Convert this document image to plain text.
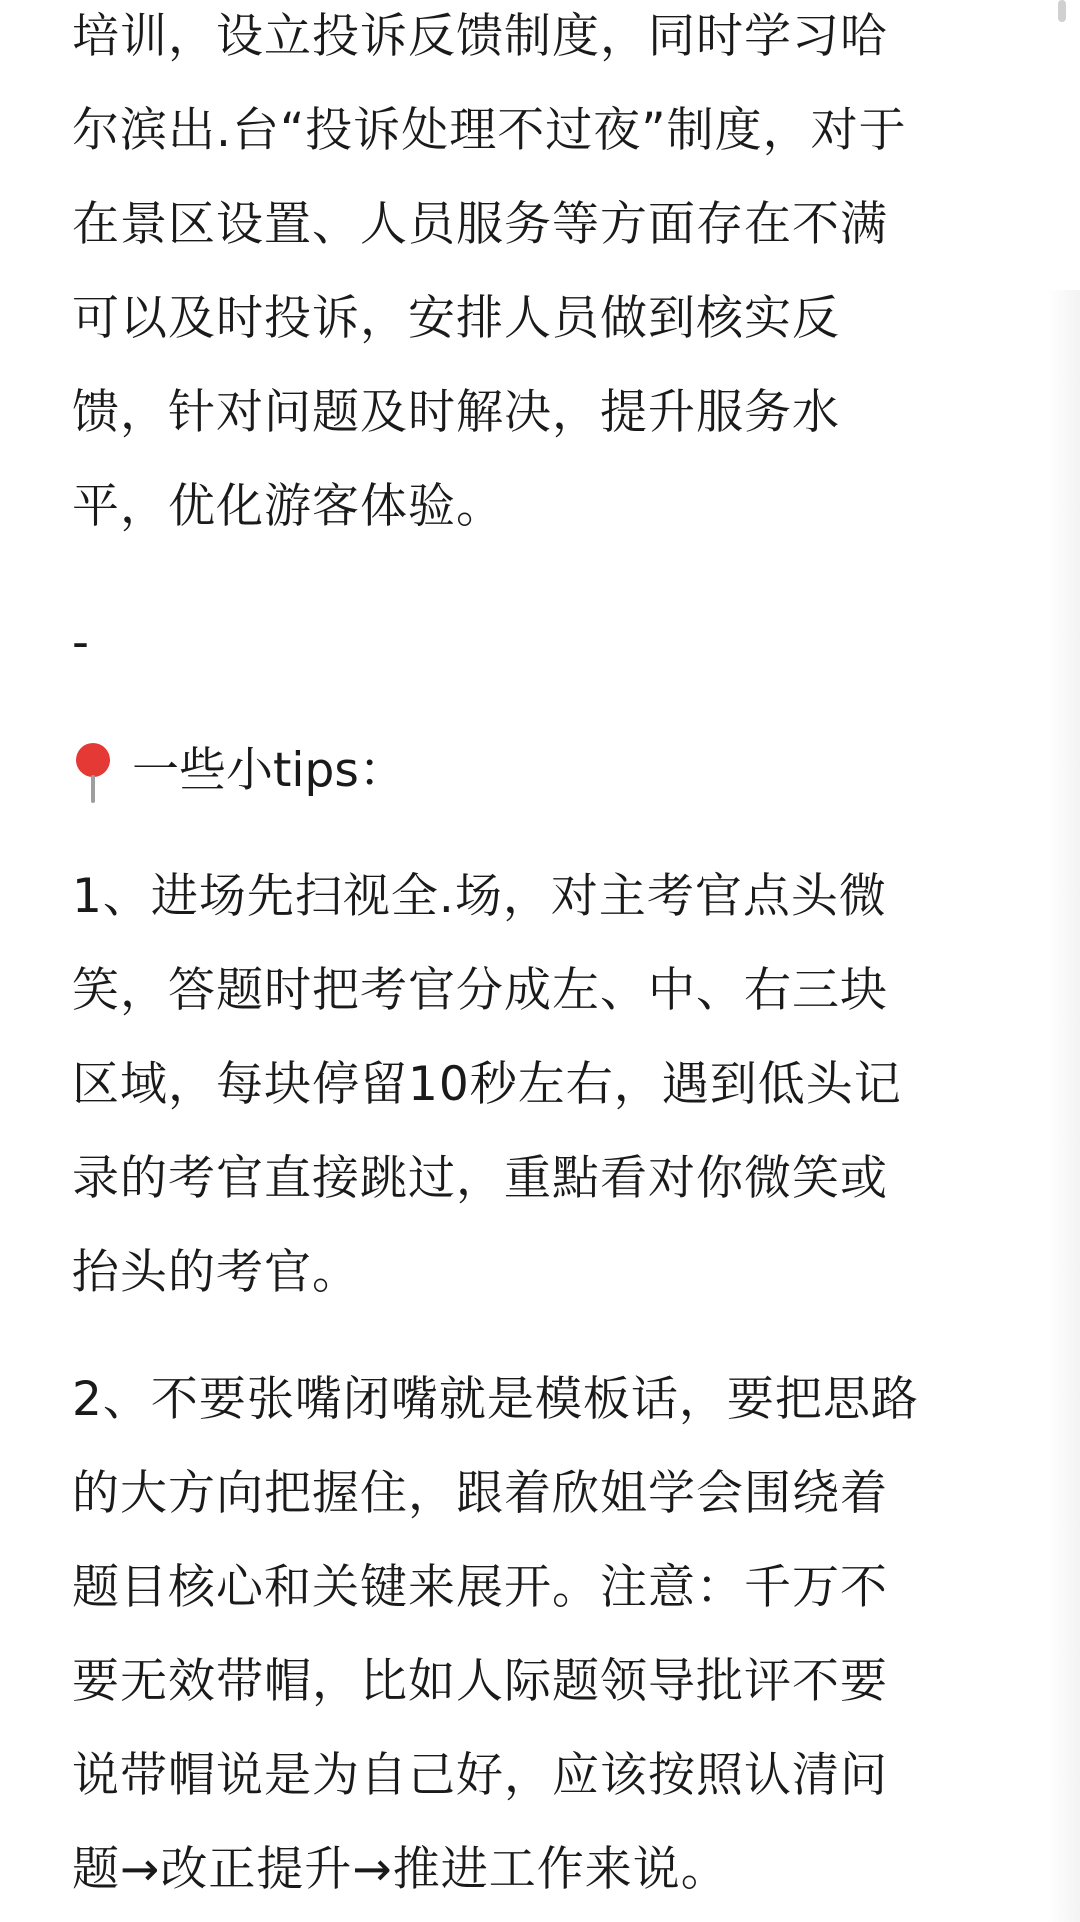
培训，设立投诉反馈制度，同时学习哈
尔滨出.台“投诉处理不过夜”制度，对于
在景区设置、人员服务等方面存在不满
可以及时投诉，安排人员做到核实反
馈，针对问题及时解决，提升服务水
平，优化游客体验。
-
一些小tips：
1、进场先扫视全.场，对主考官点头微
笑，答题时把考官分成左、中、右三块
区域，每块停留10秒左右，遇到低头记
录的考官直接跳过，重點看对你微笑或
抬头的考官。
2、不要张嘴闭嘴就是模板话，要把思路
的大方向把握住，跟着欣姐学会围绕着
题目核心和关键来展开。注意：千万不
要无效带帽，比如人际题领导批评不要
说带帽说是为自己好，应该按照认清问
题→改正提升→推进工作来说。
